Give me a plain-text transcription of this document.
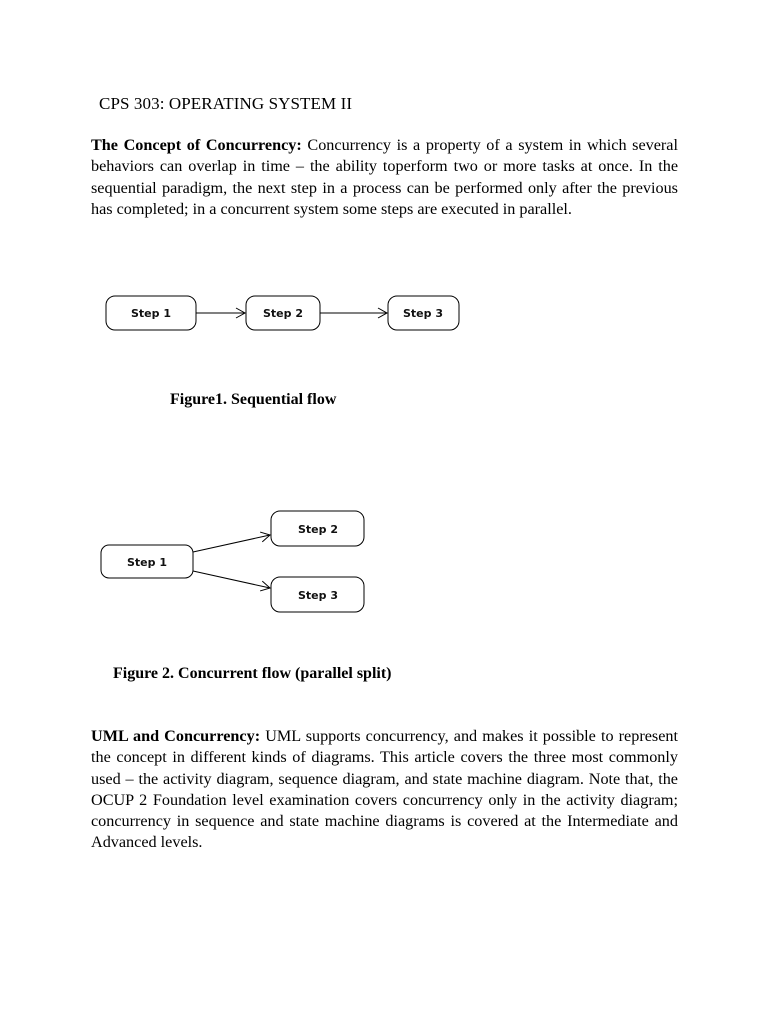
CPS 303: OPERATING SYSTEM II
The Concept of Concurrency: Concurrency is a property of a system in which several behaviors can overlap in time – the ability toperform two or more tasks at once. In the sequential paradigm, the next step in a process can be performed only after the previous has completed; in a concurrent system some steps are executed in parallel.
Step 1	Step 2	Step 3
Figure1. Sequential flow
Step 1
Step 2
Step 3
Figure 2. Concurrent flow (parallel split)
UML and Concurrency: UML supports concurrency, and makes it possible to represent the concept in different kinds of diagrams. This article covers the three most commonly used – the activity diagram, sequence diagram, and state machine diagram. Note that, the OCUP 2 Foundation level examination covers concurrency only in the activity diagram; concurrency in sequence and state machine diagrams is covered at the Intermediate and Advanced levels.
